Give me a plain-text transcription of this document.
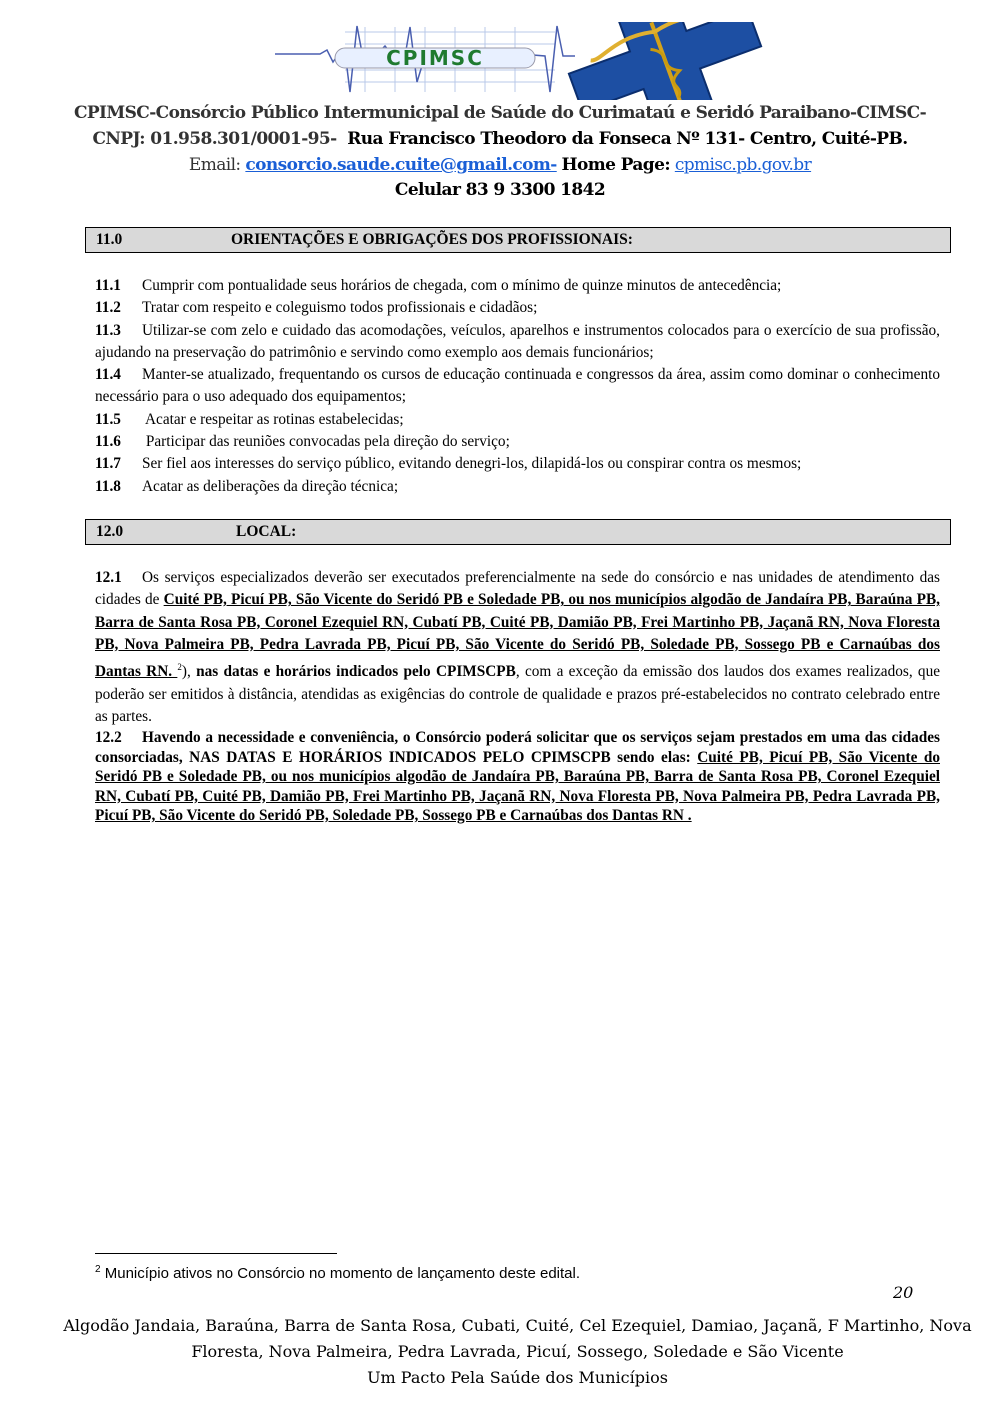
CPIMSC
CPIMSC-Consórcio Público Intermunicipal de Saúde do Curimataú e Seridó Paraibano-CIMSC-
CNPJ: 01.958.301/0001-95- Rua Francisco Theodoro da Fonseca Nº 131- Centro, Cuité-PB.
Email: consorcio.saude.cuite@gmail.com- Home Page: cpmisc.pb.gov.br
Celular 83 9 3300 1842
11.0	ORIENTAÇÕES E OBRIGAÇÕES DOS PROFISSIONAIS:

11.1 Cumprir com pontualidade seus horários de chegada, com o mínimo de quinze minutos de antecedência;

11.2 Tratar com respeito e coleguismo todos profissionais e cidadãos;

11.3 Utilizar-se com zelo e cuidado das acomodações, veículos, aparelhos e instrumentos colocados para o exercício de sua profissão, ajudando na preservação do patrimônio e servindo como exemplo aos demais funcionários;

11.4 Manter-se atualizado, frequentando os cursos de educação continuada e congressos da área, assim como dominar o conhecimento necessário para o uso adequado dos equipamentos;

11.5 Acatar e respeitar as rotinas estabelecidas;

11.6 Participar das reuniões convocadas pela direção do serviço;

11.7 Ser fiel aos interesses do serviço público, evitando denegri-los, dilapidá-los ou conspirar contra os mesmos;

11.8 Acatar as deliberações da direção técnica;

12.0	LOCAL:

12.1 Os serviços especializados deverão ser executados preferencialmente na sede do consórcio e nas unidades de atendimento das cidades de Cuité PB, Picuí PB, São Vicente do Seridó PB e Soledade PB, ou nos municípios algodão de Jandaíra PB, Baraúna PB, Barra de Santa Rosa PB, Coronel Ezequiel RN, Cubatí PB, Cuité PB, Damião PB, Frei Martinho PB, Jaçanã RN, Nova Floresta PB, Nova Palmeira PB, Pedra Lavrada PB, Picuí PB, São Vicente do Seridó PB, Soledade PB, Sossego PB e Carnaúbas dos Dantas RN. $^2$), nas datas e horários indicados pelo CPIMSCPB, com a exceção da emissão dos laudos dos exames realizados, que poderão ser emitidos à distância, atendidas as exigências do controle de qualidade e prazos pré-estabelecidos no contrato celebrado entre as partes.

12.2 Havendo a necessidade e conveniência, o Consórcio poderá solicitar que os serviços sejam prestados em uma das cidades consorciadas, NAS DATAS E HORÁRIOS INDICADOS PELO CPIMSCPB sendo elas: Cuité PB, Picuí PB, São Vicente do Seridó PB e Soledade PB, ou nos municípios algodão de Jandaíra PB, Baraúna PB, Barra de Santa Rosa PB, Coronel Ezequiel RN, Cubatí PB, Cuité PB, Damião PB, Frei Martinho PB, Jaçanã RN, Nova Floresta PB, Nova Palmeira PB, Pedra Lavrada PB, Picuí PB, São Vicente do Seridó PB, Soledade PB, Sossego PB e Carnaúbas dos Dantas RN .

$^2$ Município ativos no Consórcio no momento de lançamento deste edital.
20
Algodão Jandaia, Baraúna, Barra de Santa Rosa, Cubati, Cuité, Cel Ezequiel, Damiao, Jaçanã, F Martinho, Nova Floresta, Nova Palmeira, Pedra Lavrada, Picuí, Sossego, Soledade e São Vicente
Um Pacto Pela Saúde dos Municípios
